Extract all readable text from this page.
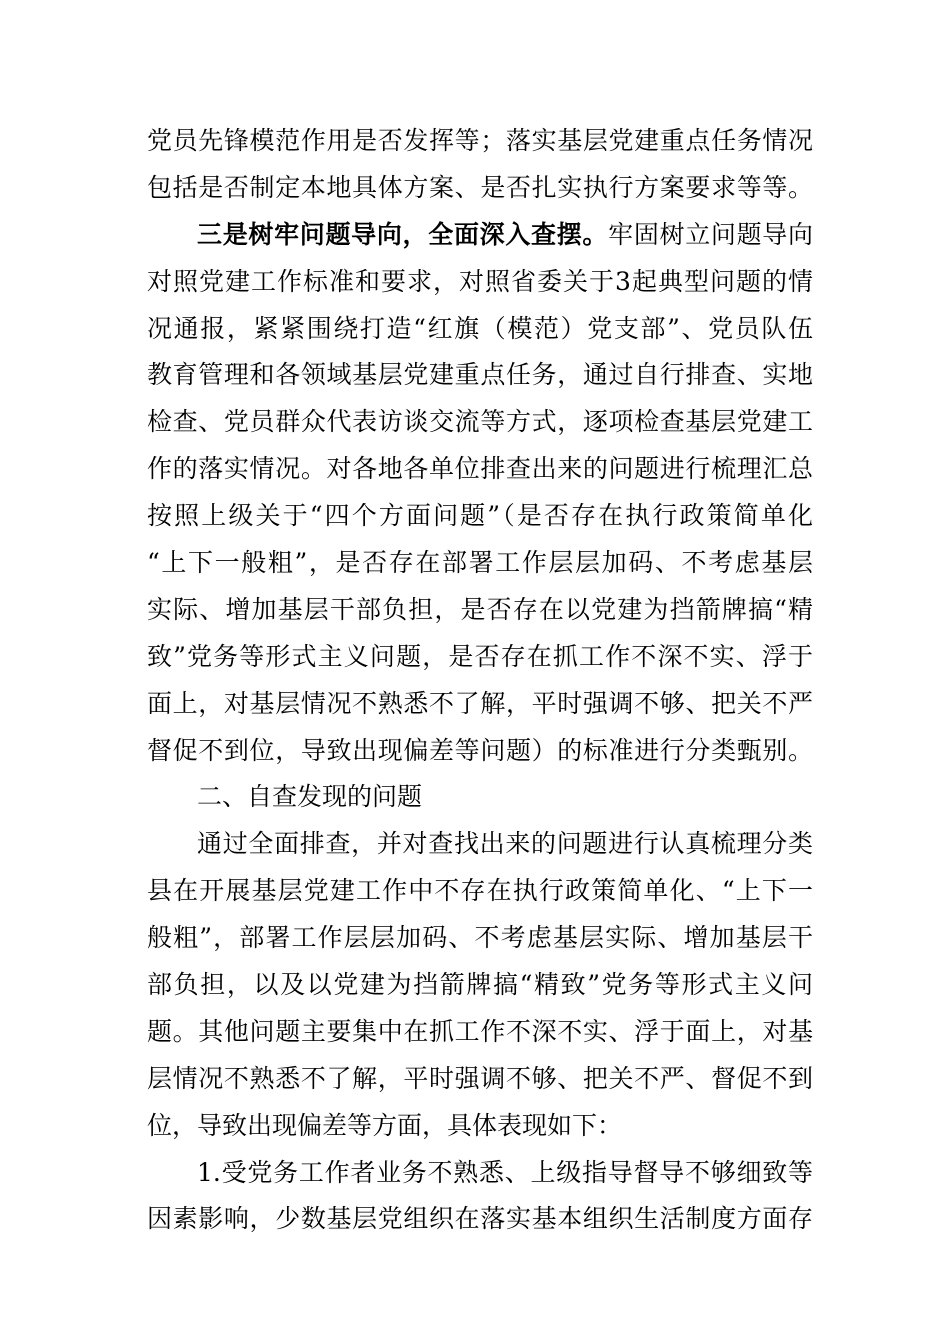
党员先锋模范作用是否发挥等；落实基层党建重点任务情况
包括是否制定本地具体方案、是否扎实执行方案要求等等。
三是树牢问题导向，全面深入查摆。牢固树立问题导向
对照党建工作标准和要求，对照省委关于3起典型问题的情
况通报，紧紧围绕打造“红旗（模范）党支部”、党员队伍
教育管理和各领域基层党建重点任务，通过自行排查、实地
检查、党员群众代表访谈交流等方式，逐项检查基层党建工
作的落实情况。对各地各单位排查出来的问题进行梳理汇总
按照上级关于“四个方面问题”（是否存在执行政策简单化
“上下一般粗”，是否存在部署工作层层加码、不考虑基层
实际、增加基层干部负担，是否存在以党建为挡箭牌搞“精
致”党务等形式主义问题，是否存在抓工作不深不实、浮于
面上，对基层情况不熟悉不了解，平时强调不够、把关不严
督促不到位，导致出现偏差等问题）的标准进行分类甄别。
二、自查发现的问题
通过全面排查，并对查找出来的问题进行认真梳理分类
县在开展基层党建工作中不存在执行政策简单化、“上下一
般粗”，部署工作层层加码、不考虑基层实际、增加基层干
部负担，以及以党建为挡箭牌搞“精致”党务等形式主义问
题。其他问题主要集中在抓工作不深不实、浮于面上，对基
层情况不熟悉不了解，平时强调不够、把关不严、督促不到
位，导致出现偏差等方面，具体表现如下：
1.受党务工作者业务不熟悉、上级指导督导不够细致等
因素影响，少数基层党组织在落实基本组织生活制度方面存
